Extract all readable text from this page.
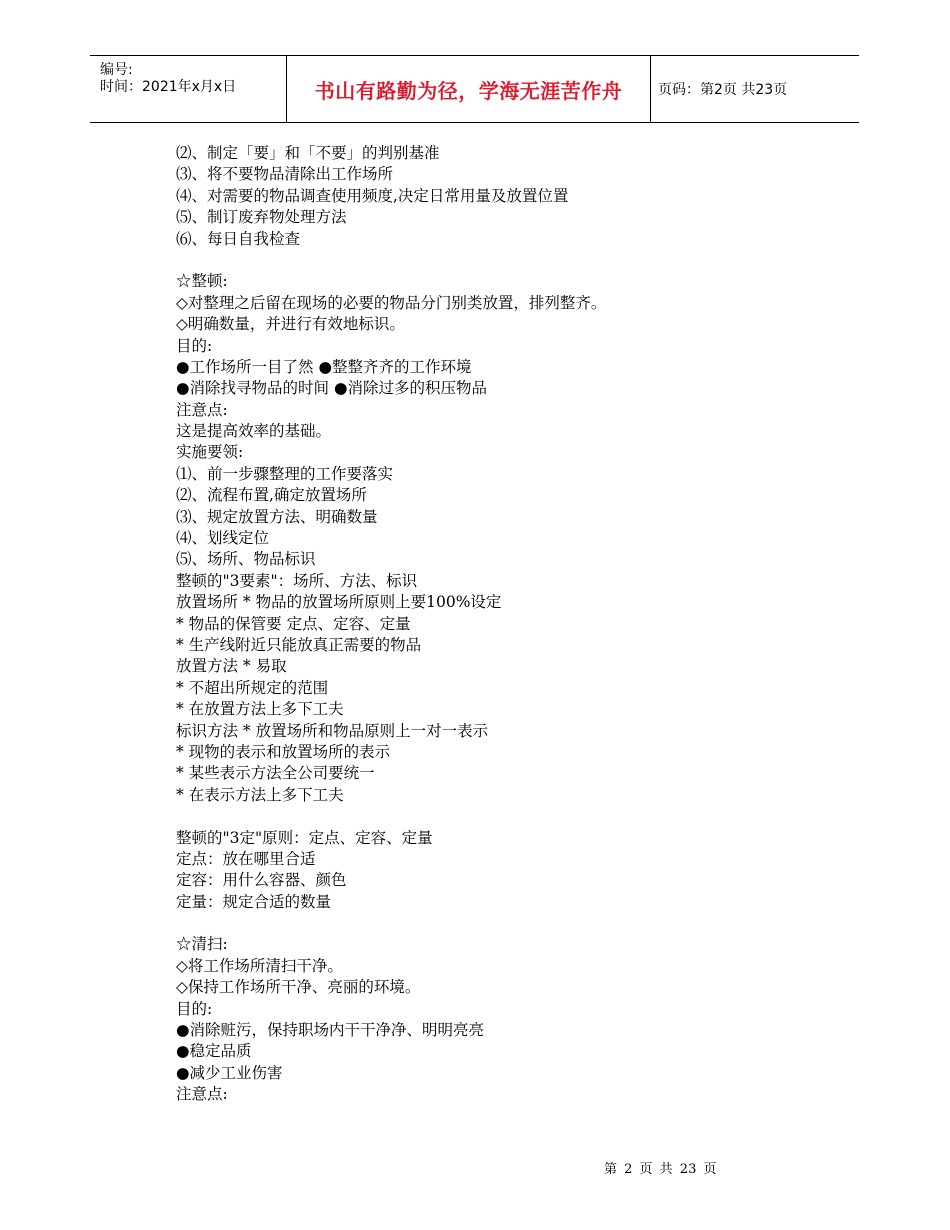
编号:
时间：2021年x月x日	书山有路勤为径，学海无涯苦作舟	页码：第2页 共23页
⑵、制定「要」和「不要」的判别基准
⑶、将不要物品清除出工作场所
⑷、对需要的物品调查使用频度,决定日常用量及放置位置
⑸、制订废弃物处理方法
⑹、每日自我检查
☆整顿:
◇对整理之后留在现场的必要的物品分门别类放置，排列整齐。
◇明确数量，并进行有效地标识。
目的:
●工作场所一目了然 ●整整齐齐的工作环境
●消除找寻物品的时间 ●消除过多的积压物品
注意点:
这是提高效率的基础。
实施要领:
⑴、前一步骤整理的工作要落实
⑵、流程布置,确定放置场所
⑶、规定放置方法、明确数量
⑷、划线定位
⑸、场所、物品标识
整顿的"3要素"：场所、方法、标识
放置场所 * 物品的放置场所原则上要100%设定
* 物品的保管要 定点、定容、定量
* 生产线附近只能放真正需要的物品
放置方法 * 易取
* 不超出所规定的范围
* 在放置方法上多下工夫
标识方法 * 放置场所和物品原则上一对一表示
* 现物的表示和放置场所的表示
* 某些表示方法全公司要统一
* 在表示方法上多下工夫
整顿的"3定"原则：定点、定容、定量
定点：放在哪里合适
定容：用什么容器、颜色
定量：规定合适的数量
☆清扫:
◇将工作场所清扫干净。
◇保持工作场所干净、亮丽的环境。
目的:
●消除赃污，保持职场内干干净净、明明亮亮
●稳定品质
●减少工业伤害
注意点:
第 2 页 共 23 页
